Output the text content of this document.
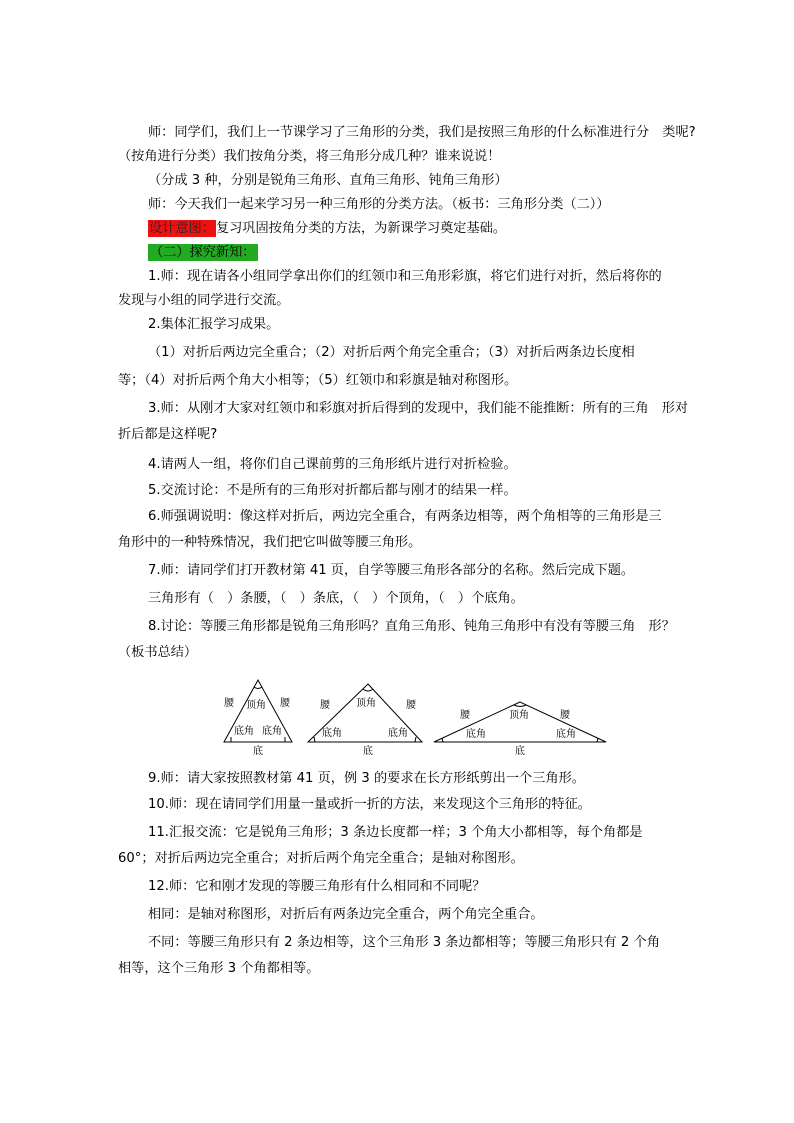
师：同学们，我们上一节课学习了三角形的分类，我们是按照三角形的什么标准进行分　类呢?
（按角进行分类）我们按角分类，将三角形分成几种？谁来说说！
（分成 3 种，分别是锐角三角形、直角三角形、钝角三角形）
师：今天我们一起来学习另一种三角形的分类方法。（板书：三角形分类（二））
设计意图：复习巩固按角分类的方法，为新课学习奠定基础。
（二）探究新知：
1.师：现在请各小组同学拿出你们的红领巾和三角形彩旗，将它们进行对折，然后将你的
发现与小组的同学进行交流。
2.集体汇报学习成果。
（1）对折后两边完全重合；（2）对折后两个角完全重合；（3）对折后两条边长度相
等；（4）对折后两个角大小相等；（5）红领巾和彩旗是轴对称图形。
3.师：从刚才大家对红领巾和彩旗对折后得到的发现中，我们能不能推断：所有的三角　形对
折后都是这样呢?
4.请两人一组，将你们自己课前剪的三角形纸片进行对折检验。
5.交流讨论：不是所有的三角形对折都后都与刚才的结果一样。
6.师强调说明：像这样对折后，两边完全重合，有两条边相等，两个角相等的三角形是三
角形中的一种特殊情况，我们把它叫做等腰三角形。
7.师：请同学们打开教材第 41 页，自学等腰三角形各部分的名称。然后完成下题。
三角形有（　）条腰，（　）条底，（　）个顶角，（　）个底角。
8.讨论：等腰三角形都是锐角三角形吗？直角三角形、钝角三角形中有没有等腰三角　形？
（板书总结）
腰 顶角 腰
底角 底角
底
腰	顶角	腰
底角	底角
底
腰	顶角	腰
底角	底角
底
9.师：请大家按照教材第 41 页，例 3 的要求在长方形纸剪出一个三角形。
10.师：现在请同学们用量一量或折一折的方法，来发现这个三角形的特征。
11.汇报交流：它是锐角三角形；3 条边长度都一样；3 个角大小都相等，每个角都是
60°；对折后两边完全重合；对折后两个角完全重合；是轴对称图形。
12.师：它和刚才发现的等腰三角形有什么相同和不同呢？
相同：是轴对称图形，对折后有两条边完全重合，两个角完全重合。
不同：等腰三角形只有 2 条边相等，这个三角形 3 条边都相等；等腰三角形只有 2 个角
相等，这个三角形 3 个角都相等。
